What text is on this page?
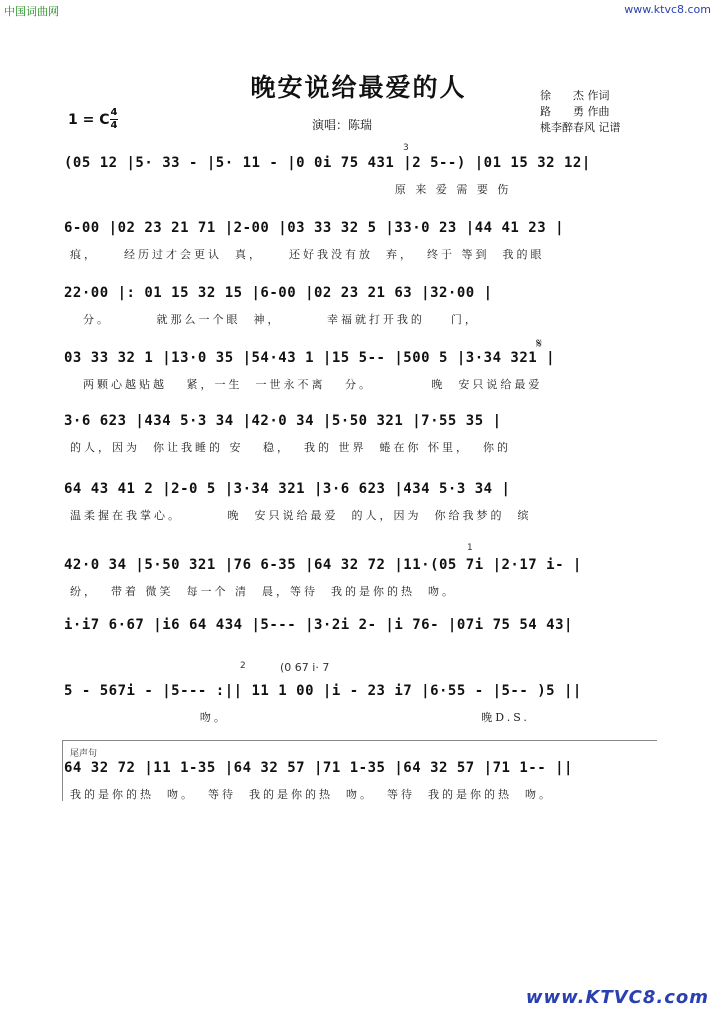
中国词曲网	www.ktvc8.com
晚安说给最爱的人	徐　　杰 作词
路　　勇 作曲
桃李醉春风 记谱
1 = C 4
4	演唱：陈瑞
3
(05 12 |5· 33 - |5· 11 - |0 0i 75 431 |2 5--) |01 15 32 12|
原 来 爱 需 要 伤
6-00 |02 23 21 71 |2-00 |03 33 32 5 |33·0 23 |44 41 23 |
痕，    经历过才会更认  真，    还好我没有放  弃，  终于 等到  我的眼
22·00 |: 01 15 32 15 |6-00 |02 23 21 63 |32·00 |
分。       就那么一个眼  神，       幸福就打开我的    门，
𝄋
03 33 32 1 |13·0 35 |54·43 1 |15 5-- |500 5 |3·34 321 |
两颗心越贴越   紧，一生  一世永不离   分。         晚  安只说给最爱
3·6 623 |434 5·3 34 |42·0 34 |5·50 321 |7·55 35 |
的人，因为  你让我睡的 安   稳，  我的 世界  蜷在你 怀里，  你的
64 43 41 2 |2-0 5 |3·34 321 |3·6 623 |434 5·3 34 |
温柔握在我掌心。       晚  安只说给最爱  的人，因为  你给我梦的  缤
1
42·0 34 |5·50 321 |76 6-35 |64 32 72 |11·(05 7i |2·17 i- |
纷，  带着 微笑  每一个 清  晨，等待  我的是你的热  吻。
i·i7 6·67 |i6 64 434 |5--- |3·2i 2- |i 76- |07i 75 54 43|
2	(0 67 i· 7
5 - 567i - |5--- :|| 11 1 00 |i - 23 i7 |6·55 - |5-- )5 ||
吻。                                       晚D.S.
尾声句
64 32 72 |11 1-35 |64 32 57 |71 1-35 |64 32 57 |71 1-- ||
我的是你的热  吻。  等待  我的是你的热  吻。  等待  我的是你的热  吻。
www.KTVC8.com
